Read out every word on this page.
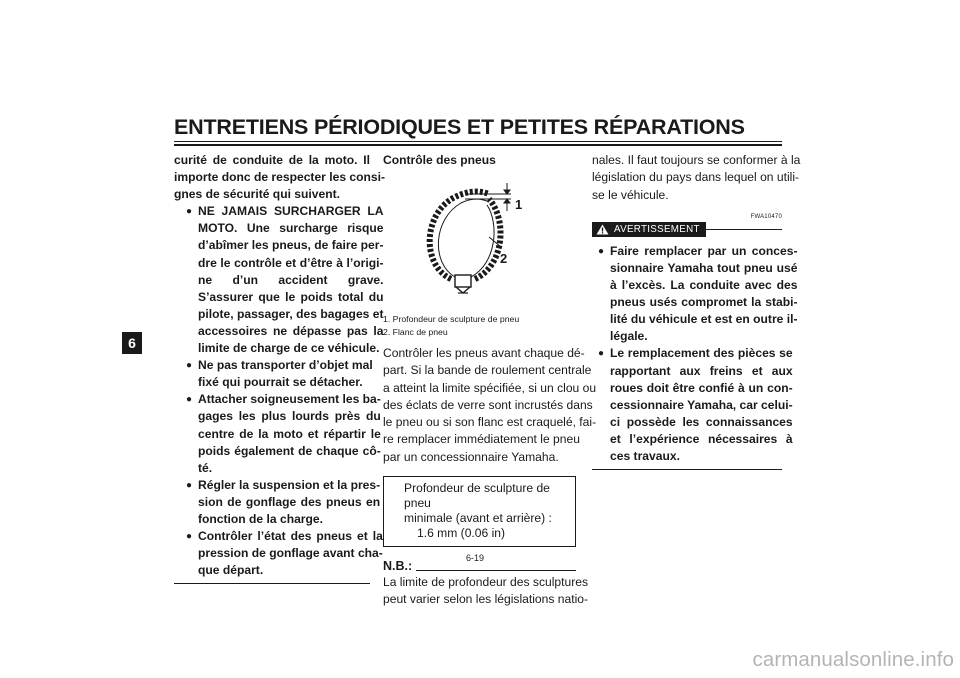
ENTRETIENS PÉRIODIQUES ET PETITES RÉPARATIONS
6
curité de conduite de la moto. Il
importe donc de respecter les consi-
gnes de sécurité qui suivent.
● NE JAMAIS SURCHARGER LA
MOTO. Une surcharge risque
d’abîmer les pneus, de faire per-
dre le contrôle et d’être à l’origi-
ne d’un accident grave.
S’assurer que le poids total du
pilote, passager, des bagages et
accessoires ne dépasse pas la
limite de charge de ce véhicule.
● Ne pas transporter d’objet mal
fixé qui pourrait se détacher.
● Attacher soigneusement les ba-
gages les plus lourds près du
centre de la moto et répartir le
poids également de chaque cô-
té.
● Régler la suspension et la pres-
sion de gonflage des pneus en
fonction de la charge.
● Contrôler l’état des pneus et la
pression de gonflage avant cha-
que départ.
Contrôle des pneus
1
2
1. Profondeur de sculpture de pneu
2. Flanc de pneu
Contrôler les pneus avant chaque dé-
part. Si la bande de roulement centrale
a atteint la limite spécifiée, si un clou ou
des éclats de verre sont incrustés dans
le pneu ou si son flanc est craquelé, fai-
re remplacer immédiatement le pneu
par un concessionnaire Yamaha.
Profondeur de sculpture de pneu
minimale (avant et arrière) :
1.6 mm (0.06 in)
N.B.:
La limite de profondeur des sculptures
peut varier selon les législations natio-
nales. Il faut toujours se conformer à la
législation du pays dans lequel on utili-
se le véhicule.
FWA10470
AVERTISSEMENT
● Faire remplacer par un conces-
sionnaire Yamaha tout pneu usé
à l’excès. La conduite avec des
pneus usés compromet la stabi-
lité du véhicule et est en outre il-
légale.
● Le remplacement des pièces se
rapportant aux freins et aux
roues doit être confié à un con-
cessionnaire Yamaha, car celui-
ci possède les connaissances
et l’expérience nécessaires à
ces travaux.
6-19
carmanualsonline.info
